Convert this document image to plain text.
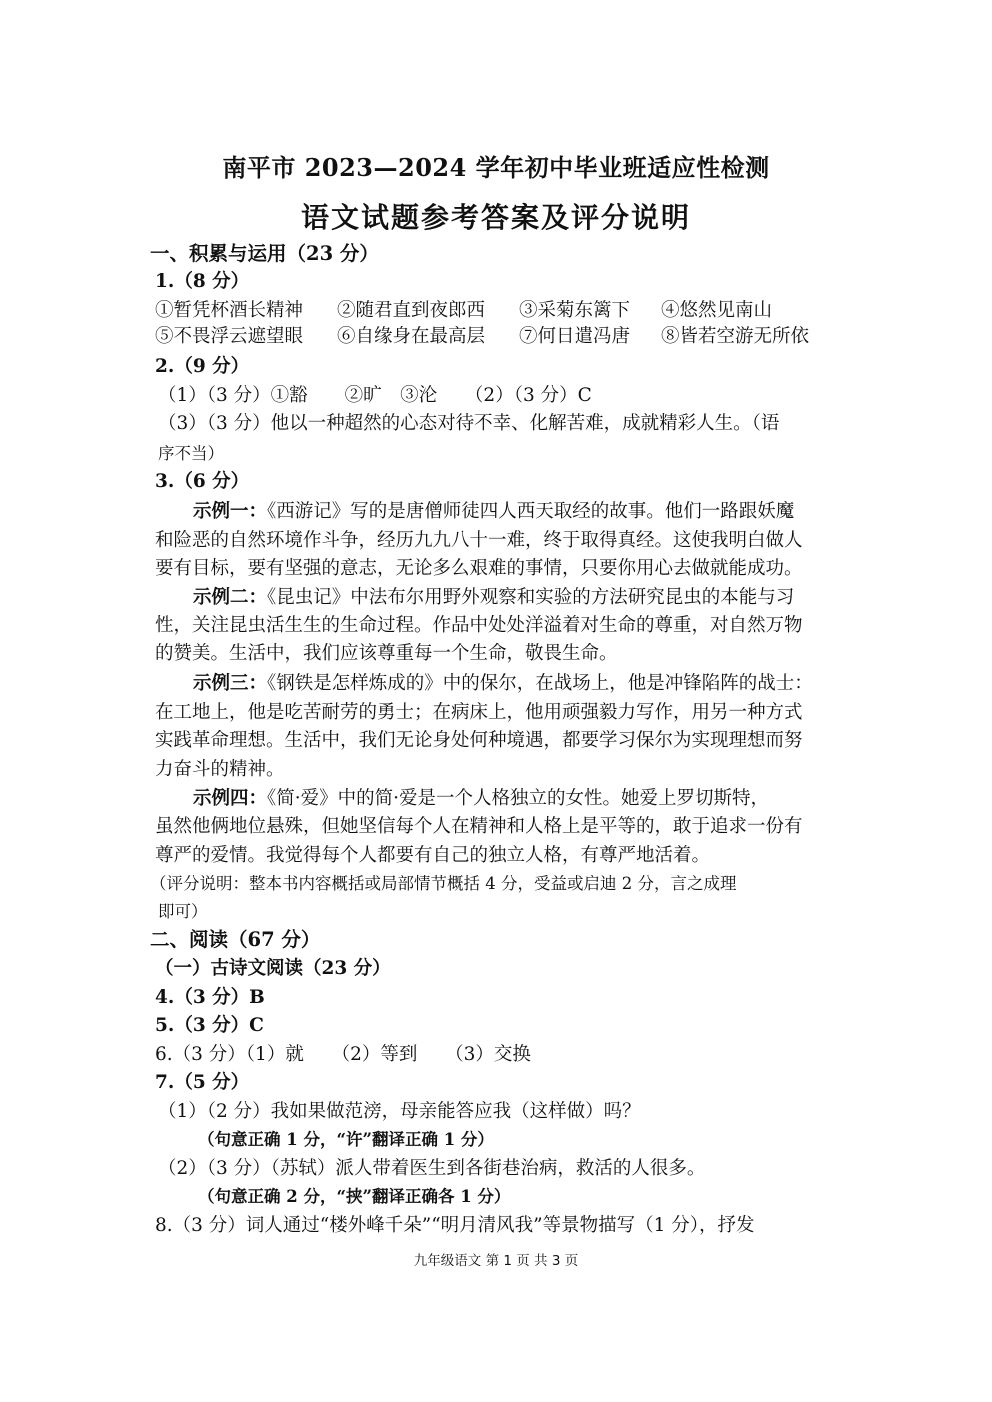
南平市 2023—2024 学年初中毕业班适应性检测
语文试题参考答案及评分说明
一、积累与运用（23 分）
1.（8 分）
①暂凭杯酒长精神 ②随君直到夜郎西 ③采菊东篱下 ④悠然见南山
⑤不畏浮云遮望眼 ⑥自缘身在最高层 ⑦何日遣冯唐 ⑧皆若空游无所依
2.（9 分）
（1）（3 分）①豁　　②旷　③沦　　（2）（3 分）C
（3）（3 分）他以一种超然的心态对待不幸、化解苦难，成就精彩人生。（语
序不当）
3.（6 分）
示例一：《西游记》写的是唐僧师徒四人西天取经的故事。他们一路跟妖魔
和险恶的自然环境作斗争，经历九九八十一难，终于取得真经。这使我明白做人
要有目标，要有坚强的意志，无论多么艰难的事情，只要你用心去做就能成功。
示例二：《昆虫记》中法布尔用野外观察和实验的方法研究昆虫的本能与习
性，关注昆虫活生生的生命过程。作品中处处洋溢着对生命的尊重，对自然万物
的赞美。生活中，我们应该尊重每一个生命，敬畏生命。
示例三：《钢铁是怎样炼成的》中的保尔，在战场上，他是冲锋陷阵的战士：
在工地上，他是吃苦耐劳的勇士；在病床上，他用顽强毅力写作，用另一种方式
实践革命理想。生活中，我们无论身处何种境遇，都要学习保尔为实现理想而努
力奋斗的精神。
示例四：《简·爱》中的简·爱是一个人格独立的女性。她爱上罗切斯特，
虽然他俩地位悬殊，但她坚信每个人在精神和人格上是平等的，敢于追求一份有
尊严的爱情。我觉得每个人都要有自己的独立人格，有尊严地活着。
（评分说明：整本书内容概括或局部情节概括 4 分，受益或启迪 2 分，言之成理
即可）
二、阅读（67 分）
（一）古诗文阅读（23 分）
4.（3 分）B
5.（3 分）C
6.（3 分）（1）就　　（2）等到　　（3）交换
7.（5 分）
（1）（2 分）我如果做范滂，母亲能答应我（这样做）吗？
（句意正确 1 分，“许”翻译正确 1 分）
（2）（3 分）（苏轼）派人带着医生到各街巷治病，救活的人很多。
（句意正确 2 分，“挟”翻译正确各 1 分）
8.（3 分）词人通过“楼外峰千朵”“明月清风我”等景物描写（1 分），抒发
九年级语文 第 1 页 共 3 页
